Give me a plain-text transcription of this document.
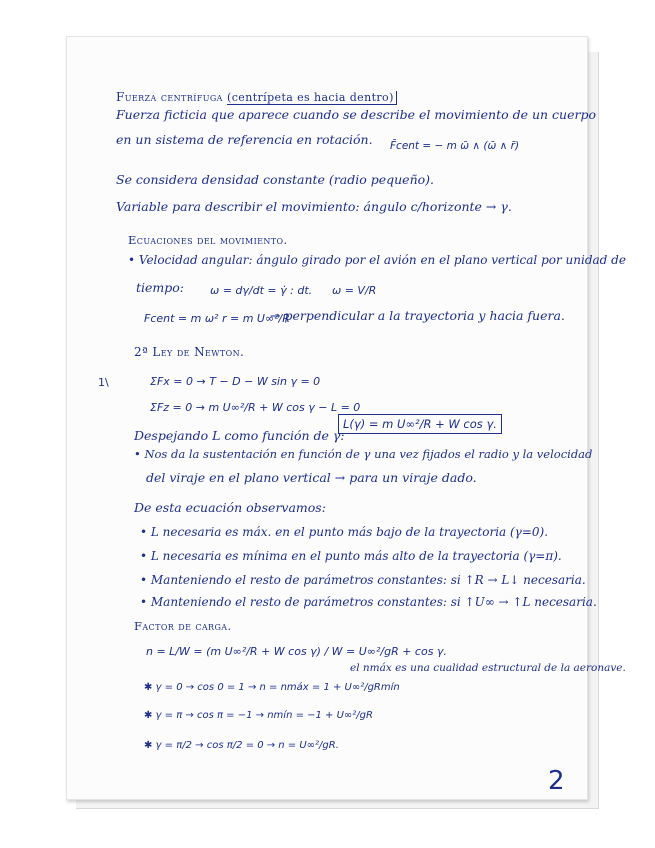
Fuerza centrífuga (centrípeta es hacia dentro)
Fuerza ficticia que aparece cuando se describe el movimiento de un cuerpo
en un sistema de referencia en rotación. F̄cent = − m ω̄ ∧ (ω̄ ∧ r̄)
Se considera densidad constante (radio pequeño).
Variable para describir el movimiento: ángulo c/horizonte → γ.
Ecuaciones del movimiento.
• Velocidad angular: ángulo girado por el avión en el plano vertical por unidad de
tiempo: ω = dγ/dt = γ̇ : dt. ω = V/R
Fcent = m ω² r = m U∞²/R
→ perpendicular a la trayectoria y hacia fuera.
2ª Ley de Newton.
1\	ΣFx = 0 → T − D − W sin γ = 0
ΣFz = 0 → m U∞²/R + W cos γ − L = 0
Despejando L como función de γ:
L(γ) = m U∞²/R + W cos γ.
• Nos da la sustentación en función de γ una vez fijados el radio y la velocidad
del viraje en el plano vertical → para un viraje dado.
De esta ecuación observamos:
• L necesaria es máx. en el punto más bajo de la trayectoria (γ=0).
• L necesaria es mínima en el punto más alto de la trayectoria (γ=π).
• Manteniendo el resto de parámetros constantes: si ↑R → L↓ necesaria.
• Manteniendo el resto de parámetros constantes: si ↑U∞ → ↑L necesaria.
Factor de carga.
n = L/W = (m U∞²/R + W cos γ) / W = U∞²/gR + cos γ.
✱ γ = 0 → cos 0 = 1 → n = nmáx = 1 + U∞²/gRmín
el nmáx es una cualidad estructural de la aeronave.
✱ γ = π → cos π = −1 → nmín = −1 + U∞²/gR
✱ γ = π/2 → cos π/2 = 0 → n = U∞²/gR.
2
